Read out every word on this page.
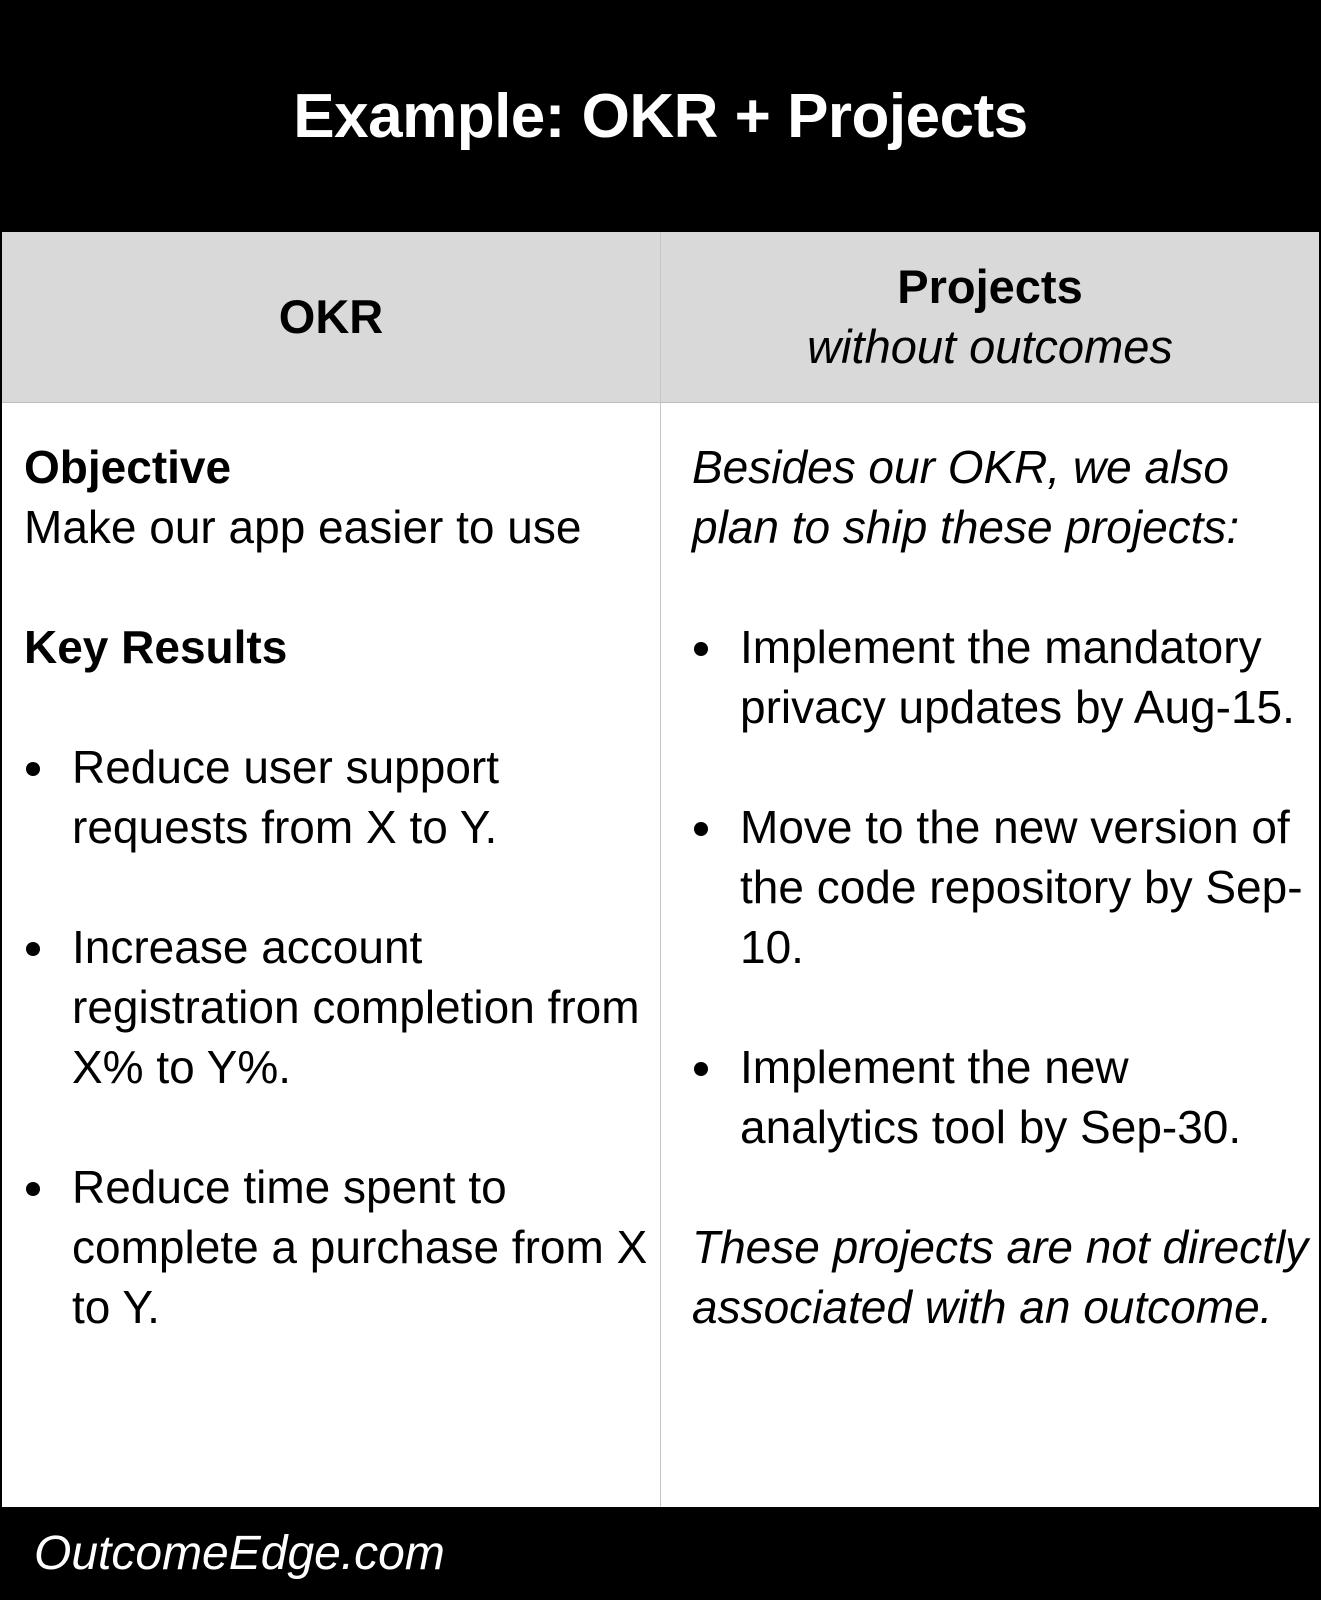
Example: OKR + Projects
OKR
Projects
without outcomes

Objective

Make our app easier to use

Key Results

Reduce user support requests from X to Y.
Increase account registration completion from X% to Y%.
Reduce time spent to complete a purchase from X to Y.

Besides our OKR, we also plan to ship these projects:

Implement the mandatory privacy updates by Aug-15.
Move to the new version of the code repository by Sep-10.
Implement the new analytics tool by Sep-30.
These projects are not directly associated with an outcome.
OutcomeEdge.com
